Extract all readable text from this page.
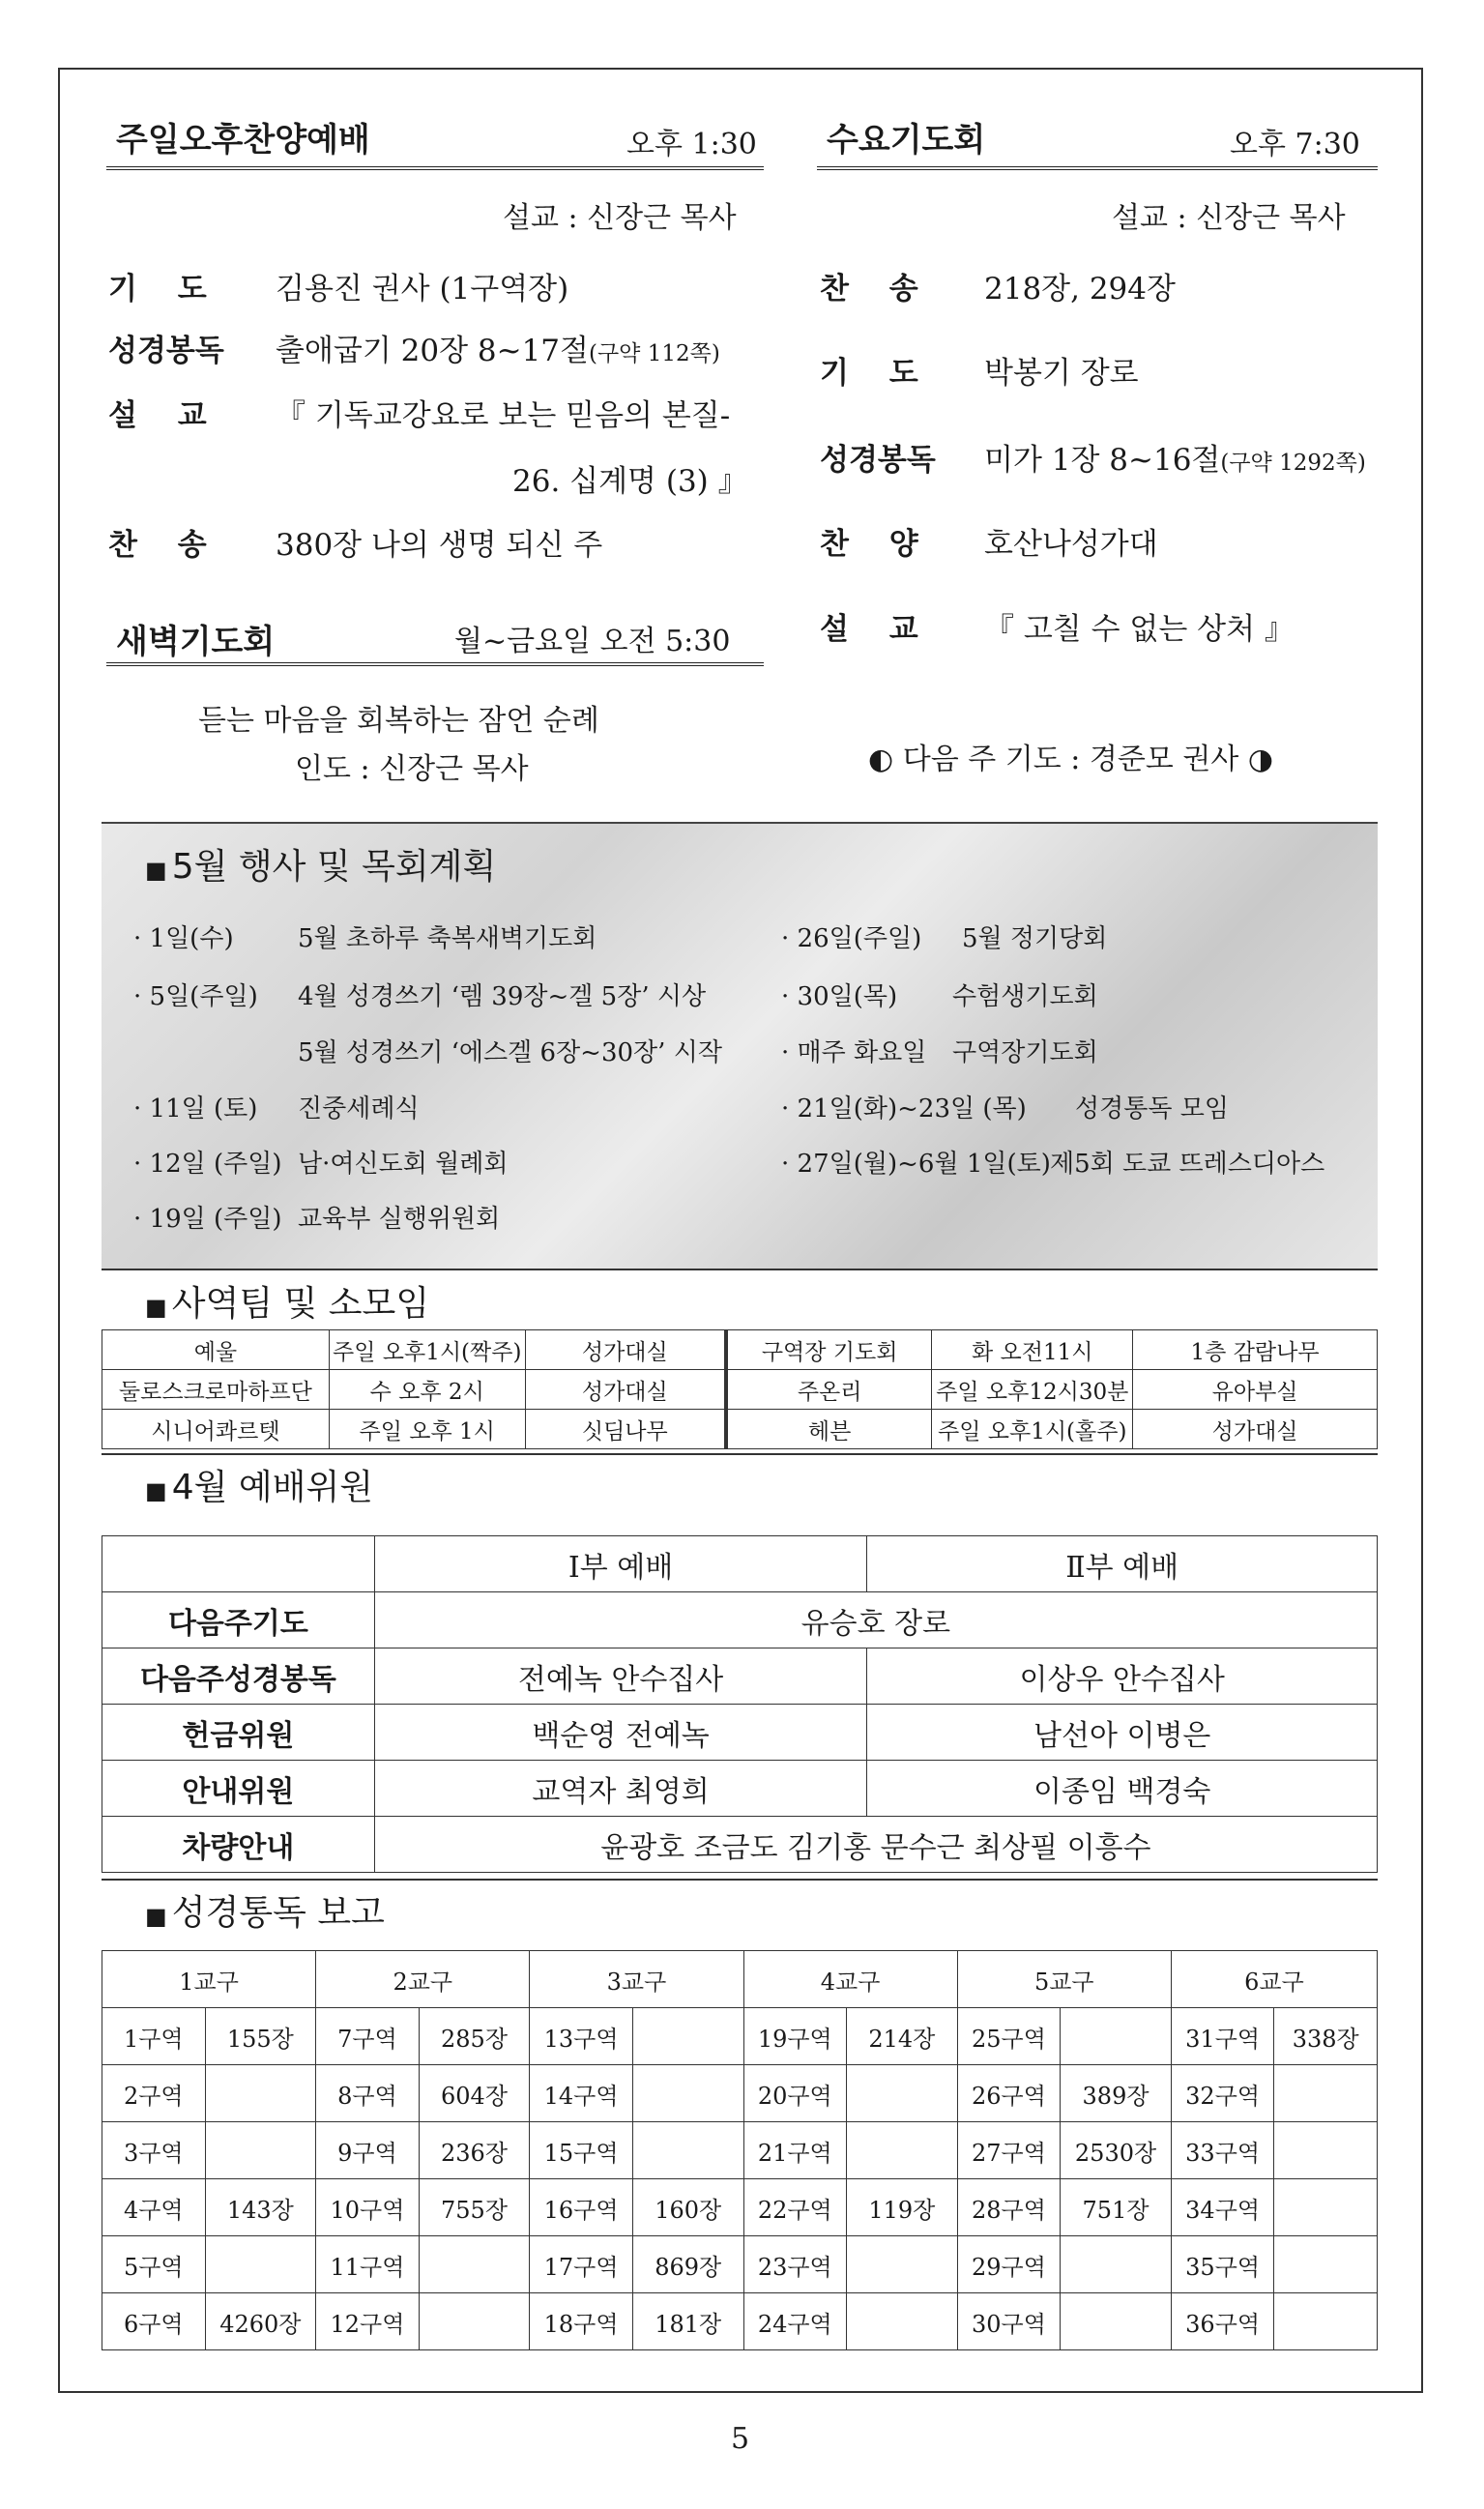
주일오후찬양예배	오후 1:30
설교 : 신장근 목사
기　 도 김용진 권사 (1구역장)
성경봉독 출애굽기 20장 8~17절(구약 112쪽)
설　 교 『 기독교강요로 보는 믿음의 본질-
26. 십계명 (3) 』
찬　 송 380장 나의 생명 되신 주
새벽기도회	월~금요일 오전 5:30
듣는 마음을 회복하는 잠언 순례
인도 : 신장근 목사
수요기도회	오후 7:30
설교 : 신장근 목사
찬　 송 218장, 294장
기　 도 박봉기 장로
성경봉독 미가 1장 8~16절(구약 1292쪽)
찬　 양 호산나성가대
설　 교 『 고칠 수 없는 상처 』
◐ 다음 주 기도 : 경준모 권사 ◑
■ 5월 행사 및 목회계획
· 1일(수)	5월 초하루 축복새벽기도회
· 5일(주일) 4월 성경쓰기 ‘렘 39장~겔 5장’ 시상
5월 성경쓰기 ‘에스겔 6장~30장’ 시작
· 11일 (토) 진중세례식
· 12일 (주일) 남·여신도회 월례회
· 19일 (주일) 교육부 실행위원회
· 26일(주일) 5월 정기당회
· 30일(목) 수험생기도회
· 매주 화요일 구역장기도회
· 21일(화)~23일 (목) 성경통독 모임
· 27일(월)~6월 1일(토) 제5회 도쿄 뜨레스디아스
■ 사역팀 및 소모임
예울	주일 오후1시(짝주)	성가대실	구역장 기도회	화 오전11시	1층 감람나무
둘로스크로마하프단	수 오후 2시	성가대실	주온리	주일 오후12시30분	유아부실
시니어콰르텟	주일 오후 1시	싯딤나무	헤븐	주일 오후1시(홀주)	성가대실
■ 4월 예배위원
	Ⅰ부 예배	Ⅱ부 예배
다음주기도	유승호 장로	
다음주성경봉독	전예녹 안수집사	이상우 안수집사
헌금위원	백순영 전예녹	남선아 이병은
안내위원	교역자 최영희	이종임 백경숙
차량안내	윤광호 조금도 김기홍 문수근 최상필 이흥수	
■ 성경통독 보고
1교구		2교구		3교구		4교구		5교구		6교구	
1구역	155장	7구역	285장	13구역		19구역	214장	25구역		31구역	338장
2구역		8구역	604장	14구역		20구역		26구역	389장	32구역	
3구역		9구역	236장	15구역		21구역		27구역	2530장	33구역	
4구역	143장	10구역	755장	16구역	160장	22구역	119장	28구역	751장	34구역	
5구역		11구역		17구역	869장	23구역		29구역		35구역	
6구역	4260장	12구역		18구역	181장	24구역		30구역		36구역	
5
